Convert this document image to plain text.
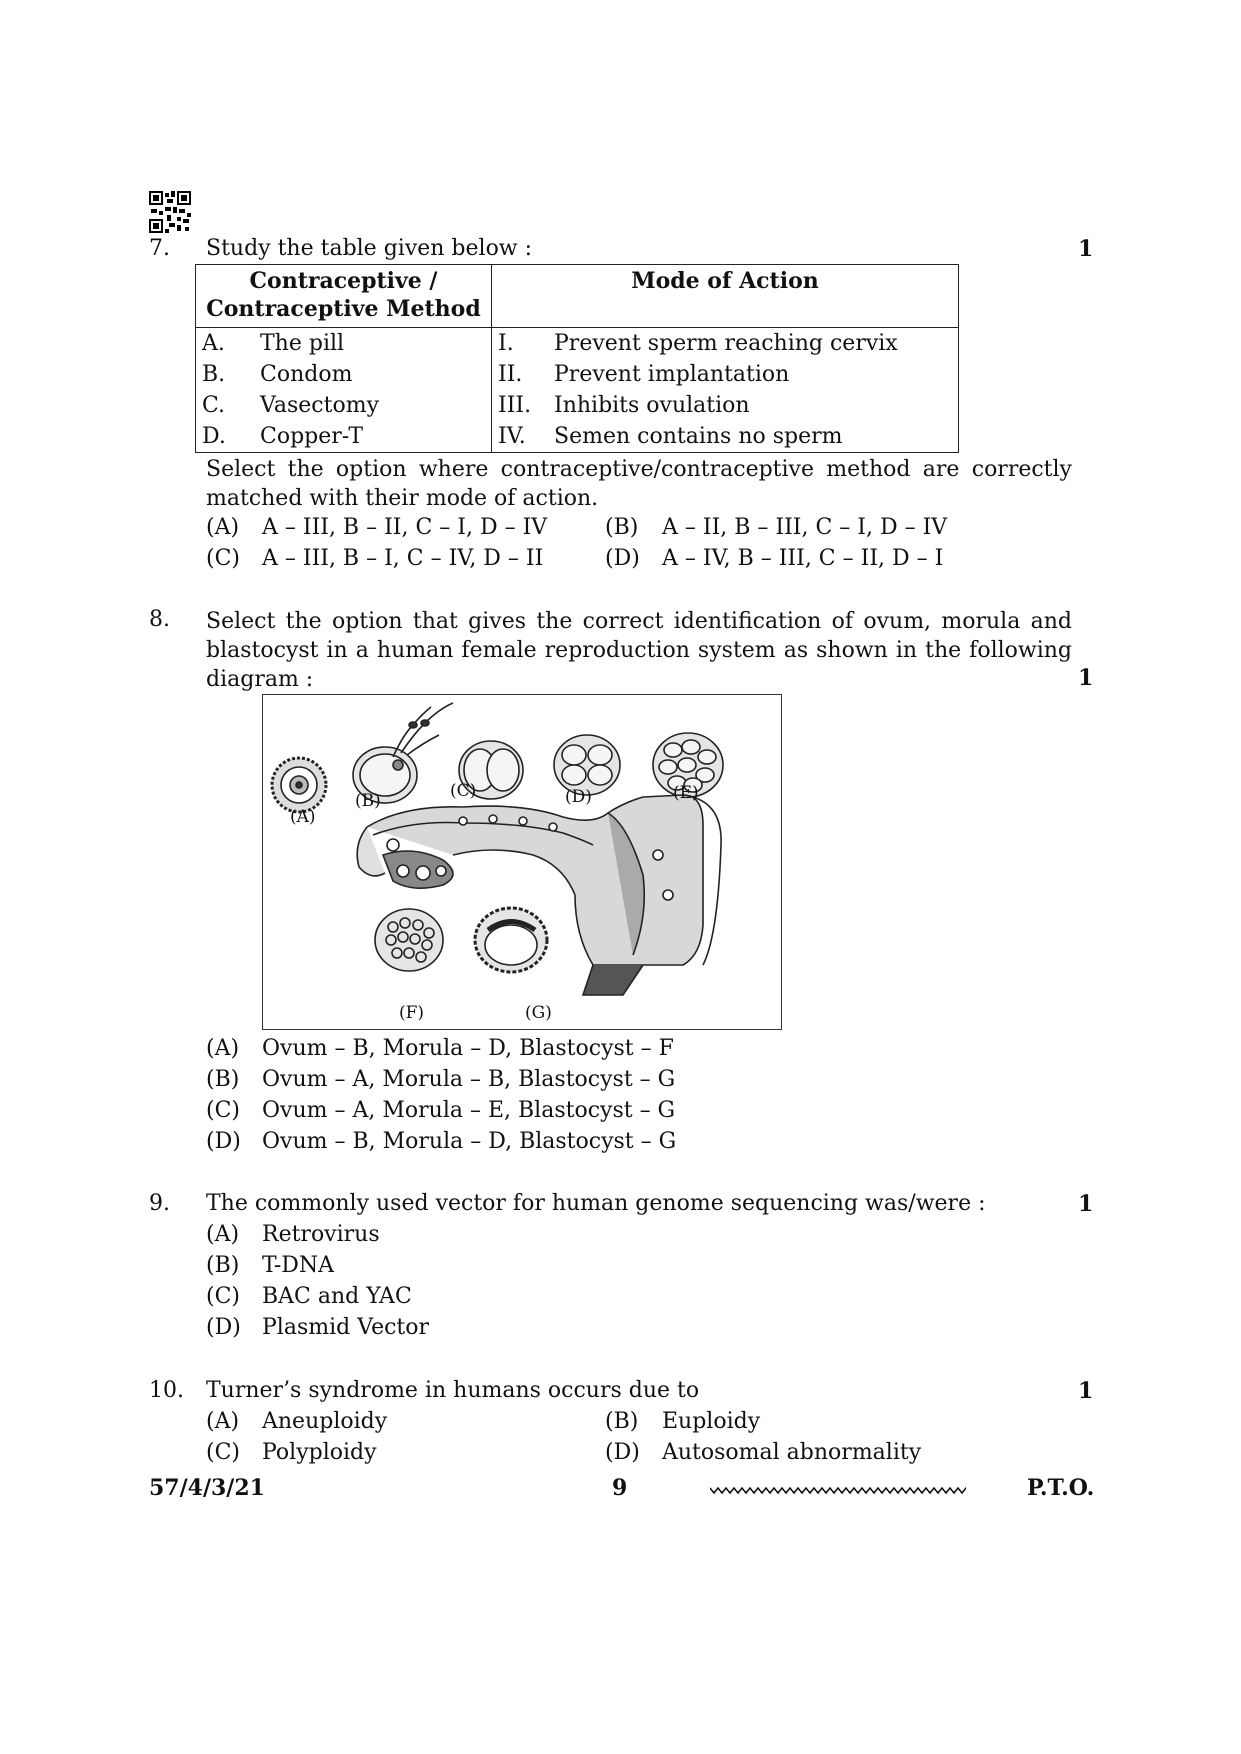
7. Study the table given below :	1
Contraceptive /
Contraceptive Method	Mode of Action
A. The pill	I. Prevent sperm reaching cervix
B. Condom	II. Prevent implantation
C. Vasectomy	III. Inhibits ovulation
D. Copper-T	IV. Semen contains no sperm
Select the option where contraceptive/contraceptive method are correctly
matched with their mode of action.
(A) A – III, B – II, C – I, D – IV	(B) A – II, B – III, C – I, D – IV
(C) A – III, B – I, C – IV, D – II	(D) A – IV, B – III, C – II, D – I
8. Select the option that gives the correct identification of ovum, morula and
blastocyst in a human female reproduction system as shown in the following
diagram :	1
(A)
(B)	(C)	(D)	(E)
(F)	(G)
(A) Ovum – B, Morula – D, Blastocyst – F
(B) Ovum – A, Morula – B, Blastocyst – G
(C) Ovum – A, Morula – E, Blastocyst – G
(D) Ovum – B, Morula – D, Blastocyst – G
9. The commonly used vector for human genome sequencing was/were :	1
(A) Retrovirus
(B) T-DNA
(C) BAC and YAC
(D) Plasmid Vector
10. Turner’s syndrome in humans occurs due to	1
(A) Aneuploidy	(B) Euploidy
(C) Polyploidy	(D) Autosomal abnormality
57/4/3/21	9	P.T.O.
